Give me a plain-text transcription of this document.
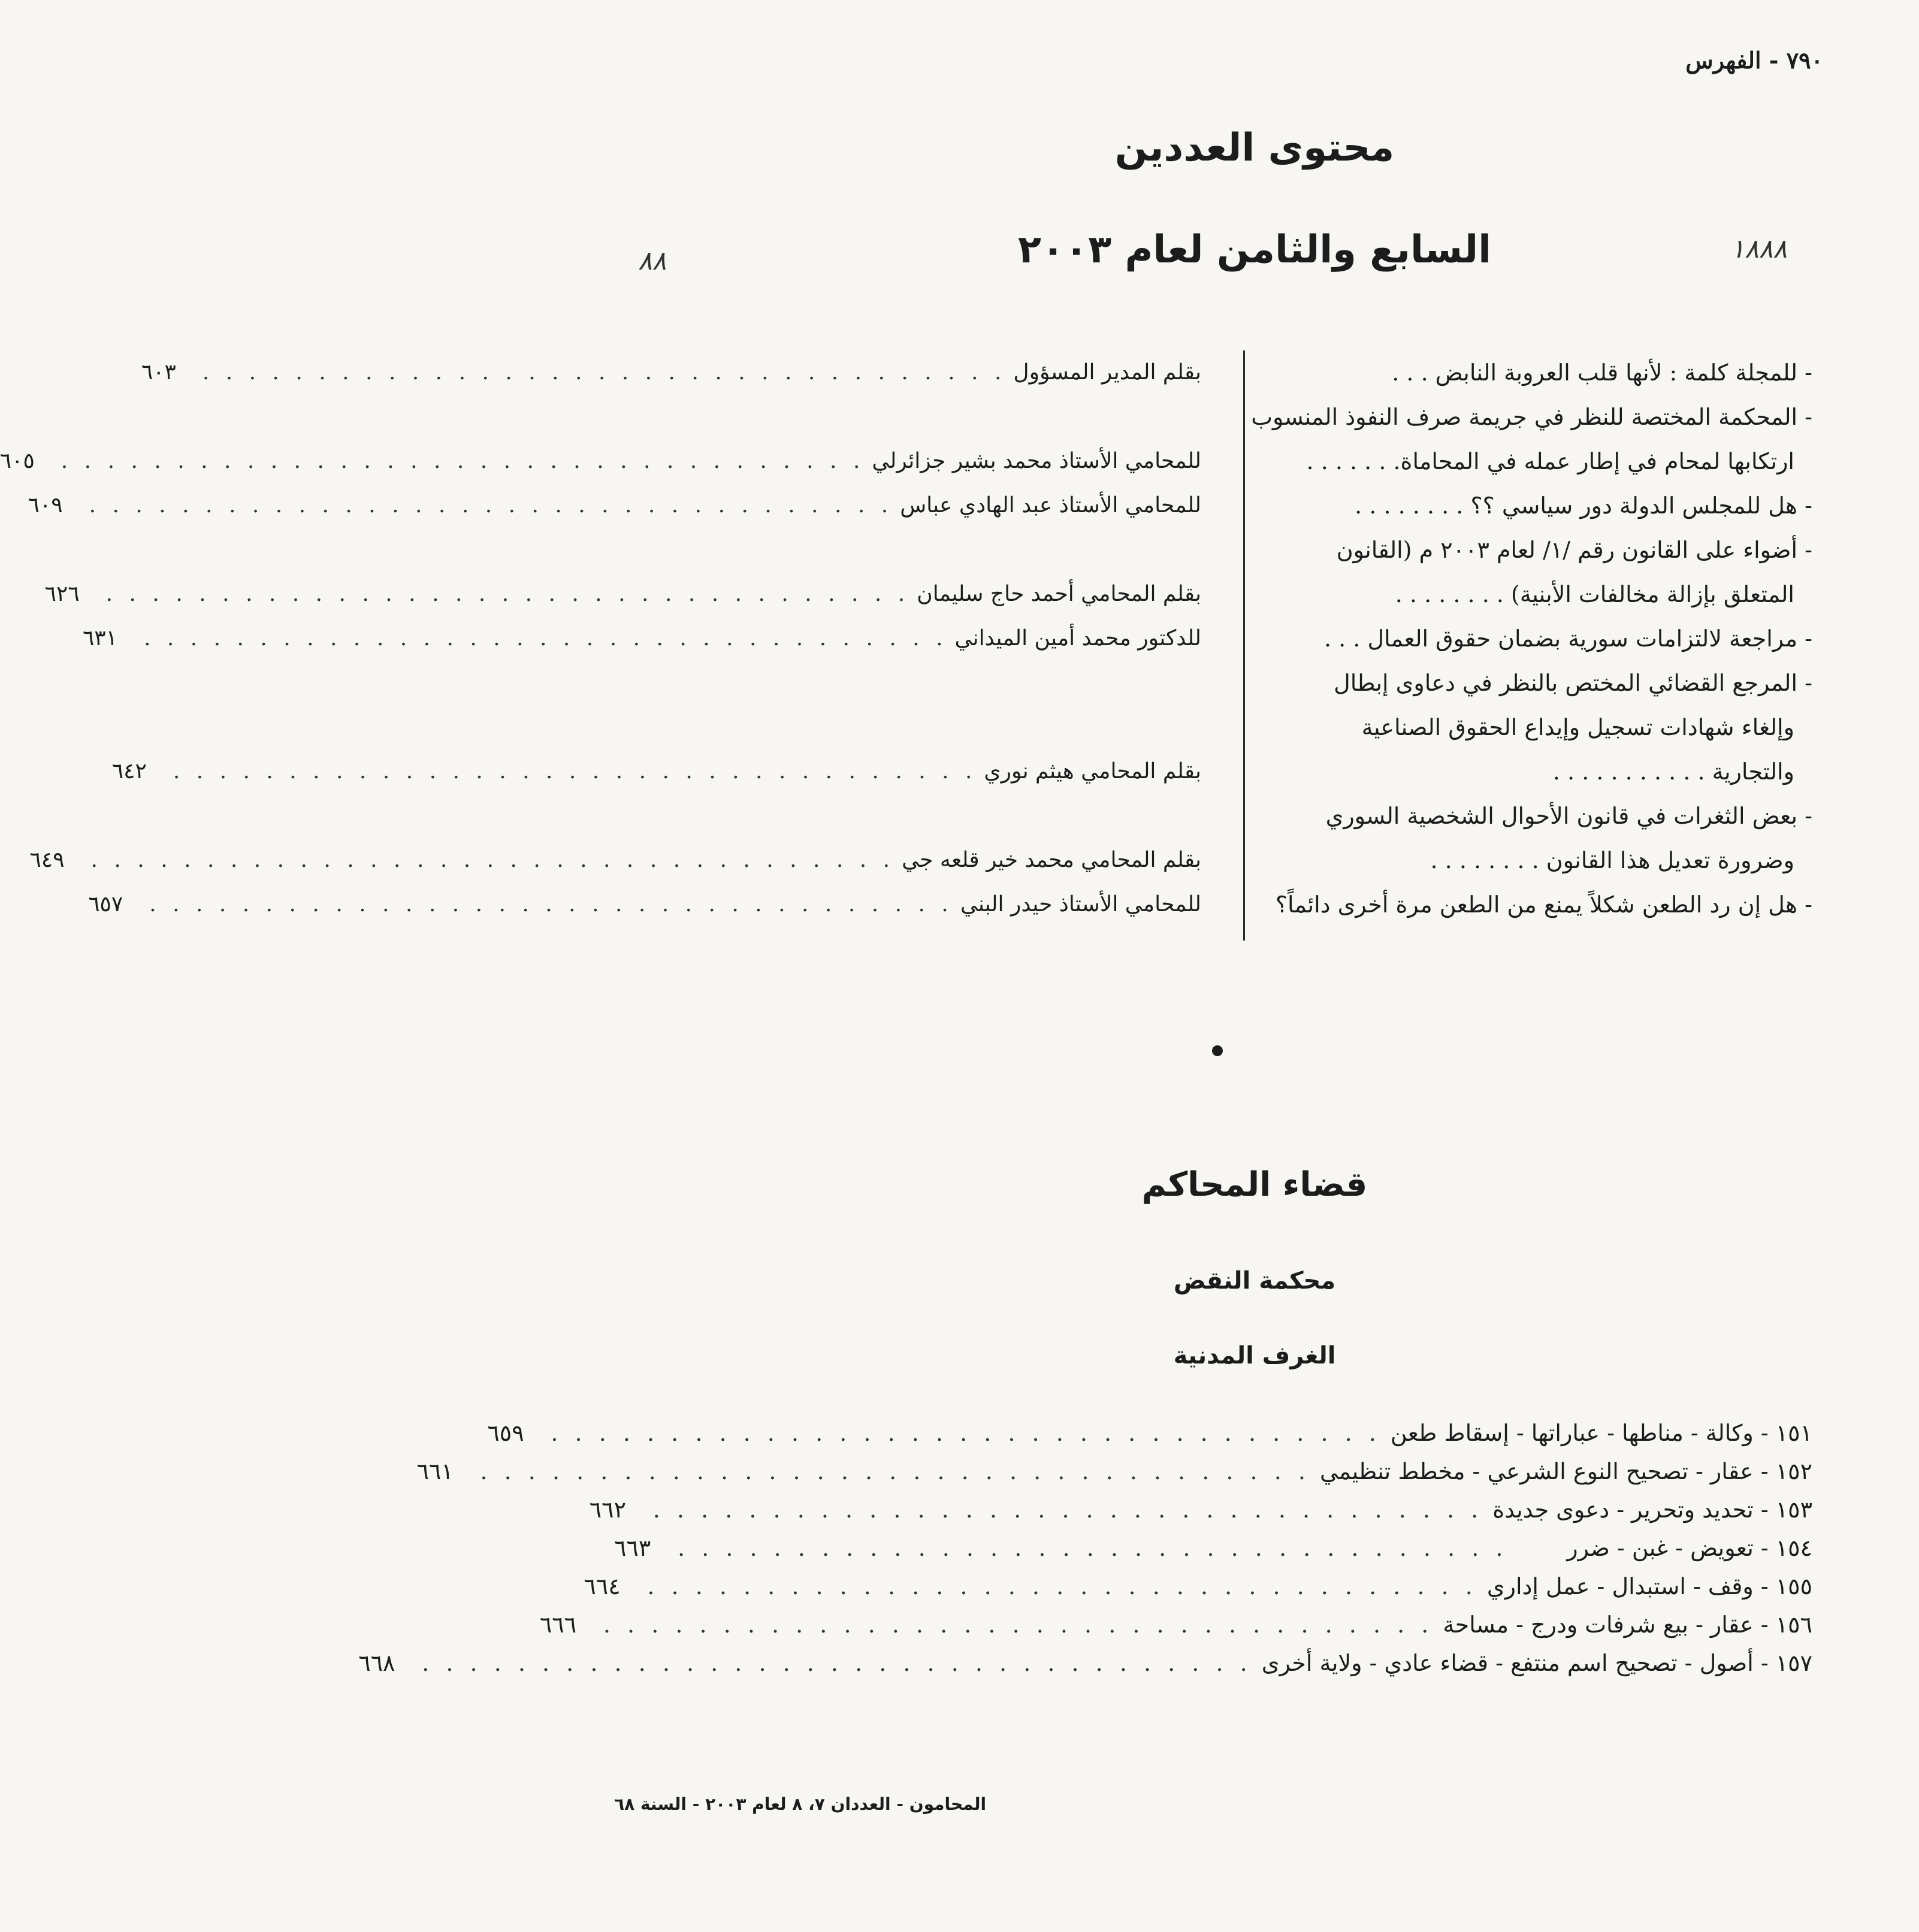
٧٩٠ - الفهرس
٨٨	١٨٨٨
محتوى العددين
السابع والثامن لعام ٢٠٠٣
- للمجلة كلمة : لأنها قلب العروبة النابض . . .
بقلم المدير المسؤول
. . . . . . . . . . . . . . . . . . . . . . . . . . . . . . . . . . .
٦٠٣
- المحكمة المختصة للنظر في جريمة صرف النفوذ المنسوب
ارتكابها لمحام في إطار عمله في المحاماة. . . . . . .
للمحامي الأستاذ محمد بشير جزائرلي
. . . . . . . . . . . . . . . . . . . . . . . . . . . . . . . . . . .
٦٠٥
- هل للمجلس الدولة دور سياسي ؟؟ . . . . . . . .
للمحامي الأستاذ عبد الهادي عباس
. . . . . . . . . . . . . . . . . . . . . . . . . . . . . . . . . . .
٦٠٩
- أضواء على القانون رقم /١/ لعام ٢٠٠٣ م (القانون
المتعلق بإزالة مخالفات الأبنية) . . . . . . . .
بقلم المحامي أحمد حاج سليمان
. . . . . . . . . . . . . . . . . . . . . . . . . . . . . . . . . . .
٦٢٦
- مراجعة لالتزامات سورية بضمان حقوق العمال . . .
للدكتور محمد أمين الميداني
. . . . . . . . . . . . . . . . . . . . . . . . . . . . . . . . . . .
٦٣١
- المرجع القضائي المختص بالنظر في دعاوى إبطال
وإلغاء شهادات تسجيل وإيداع الحقوق الصناعية
والتجارية . . . . . . . . . . .
بقلم المحامي هيثم نوري
. . . . . . . . . . . . . . . . . . . . . . . . . . . . . . . . . . .
٦٤٢
- بعض الثغرات في قانون الأحوال الشخصية السوري
وضرورة تعديل هذا القانون . . . . . . . .
بقلم المحامي محمد خير قلعه جي
. . . . . . . . . . . . . . . . . . . . . . . . . . . . . . . . . . .
٦٤٩
- هل إن رد الطعن شكلاً يمنع من الطعن مرة أخرى دائماً؟
للمحامي الأستاذ حيدر البني
. . . . . . . . . . . . . . . . . . . . . . . . . . . . . . . . . . .
٦٥٧
قضاء المحاكم
محكمة النقض
الغرف المدنية
١٥١ - وكالة - مناطها - عباراتها - إسقاط طعن
. . . . . . . . . . . . . . . . . . . . . . . . . . . . . . . . . . .
٦٥٩
١٥٢ - عقار - تصحيح النوع الشرعي - مخطط تنظيمي
. . . . . . . . . . . . . . . . . . . . . . . . . . . . . . . . . . .
٦٦١
١٥٣ - تحديد وتحرير - دعوى جديدة
. . . . . . . . . . . . . . . . . . . . . . . . . . . . . . . . . . .
٦٦٢
١٥٤ - تعويض - غبن - ضرر
. . . . . . . . . . . . . . . . . . . . . . . . . . . . . . . . . . .
٦٦٣
١٥٥ - وقف - استبدال - عمل إداري
. . . . . . . . . . . . . . . . . . . . . . . . . . . . . . . . . . .
٦٦٤
١٥٦ - عقار - بيع شرفات ودرج - مساحة
. . . . . . . . . . . . . . . . . . . . . . . . . . . . . . . . . . .
٦٦٦
١٥٧ - أصول - تصحيح اسم منتفع - قضاء عادي - ولاية أخرى
. . . . . . . . . . . . . . . . . . . . . . . . . . . . . . . . . . .
٦٦٨
المحامون - العددان ٧، ٨ لعام ٢٠٠٣ - السنة ٦٨
